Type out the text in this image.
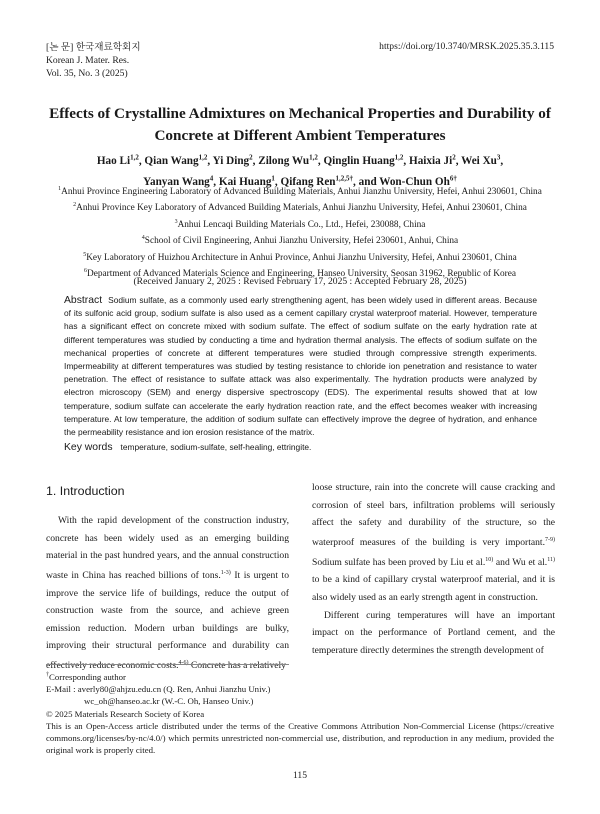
[논 문] 한국재료학회지
Korean J. Mater. Res.
Vol. 35, No. 3 (2025)
https://doi.org/10.3740/MRSK.2025.35.3.115
Effects of Crystalline Admixtures on Mechanical Properties and Durability of
Concrete at Different Ambient Temperatures
Hao Li$^{1,2}$, Qian Wang$^{1,2}$, Yi Ding$^2$, Zilong Wu$^{1,2}$, Qinglin Huang$^{1,2}$, Haixia Ji$^2$, Wei Xu$^3$,
Yanyan Wang$^4$, Kai Huang$^1$, Qifang Ren$^{1,2,5\dagger}$, and Won-Chun $Oh^{6\dagger}$
$^1$Anhui Province Engineering Laboratory of Advanced Building Materials, Anhui Jianzhu University, Hefei, Anhui 230601, China
$^2$Anhui Province Key Laboratory of Advanced Building Materials, Anhui Jianzhu University, Hefei, Anhui 230601, China
$^3$Anhui Lencaqi Building Materials Co., Ltd., Hefei, 230088, China
$^4$School of Civil Engineering, Anhui Jianzhu University, Hefei 230601, Anhui, China
$^5$Key Laboratory of Huizhou Architecture in Anhui Province, Anhui Jianzhu University, Hefei, Anhui 230601, China
$^6$Department of Advanced Materials Science and Engineering, Hanseo University, Seosan 31962, Republic of Korea
(Received January 2, 2025 : Revised February 17, 2025 : Accepted February 28, 2025)
Abstract Sodium sulfate, as a commonly used early strengthening agent, has been widely used in different areas. Because of its sulfonic acid group, sodium sulfate is also used as a cement capillary crystal waterproof material. However, temperature has a significant effect on concrete mixed with sodium sulfate. The effect of sodium sulfate on the early hydration rate at different temperatures was studied by conducting a time and hydration thermal analysis. The effects of sodium sulfate on the mechanical properties of concrete at different temperatures were studied through compressive strength experiments. Impermeability at different temperatures was studied by testing resistance to chloride ion penetration and resistance to water penetration. The effect of resistance to sulfate attack was also experimentally. The hydration products were analyzed by electron microscopy (SEM) and energy dispersive spectroscopy (EDS). The experimental results showed that at low temperature, sodium sulfate can accelerate the early hydration reaction rate, and the effect becomes weaker with increasing temperature. At low temperature, the addition of sodium sulfate can effectively improve the degree of hydration, and enhance the permeability resistance and ion erosion resistance of the matrix.
Key words temperature, sodium-sulfate, self-healing, ettringite.
1. Introduction

With the rapid development of the construction industry, concrete has been widely used as an emerging building material in the past hundred years, and the annual construction waste in China has reached billions of tons.$^{1-3)}$ It is urgent to improve the service life of buildings, reduce the output of construction waste from the source, and achieve green emission reduction. Modern urban buildings are bulky, improving their structural performance and durability can effectively reduce economic costs.$^{4-6)}$ Concrete has a relatively

loose structure, rain into the concrete will cause cracking and corrosion of steel bars, infiltration problems will seriously affect the safety and durability of the structure, so the waterproof measures of the building is very important.$^{7-9)}$ Sodium sulfate has been proved by Liu et al.$^{10)}$ and Wu et al.$^{11)}$ to be a kind of capillary crystal waterproof material, and it is also widely used as an early strength agent in construction.

Different curing temperatures will have an important impact on the performance of Portland cement, and the temperature directly determines the strength development of

†Corresponding author
E-Mail : averly80@ahjzu.edu.cn (Q. Ren, Anhui Jianzhu Univ.)
wc_oh@hanseo.ac.kr (W.-C. Oh, Hanseo Univ.)
© 2025 Materials Research Society of Korea
This is an Open-Access article distributed under the terms of the Creative Commons Attribution Non-Commercial License (https://creative commons.org/licenses/by-nc/4.0/) which permits unrestricted non-commercial use, distribution, and reproduction in any medium, provided the original work is properly cited.
115
